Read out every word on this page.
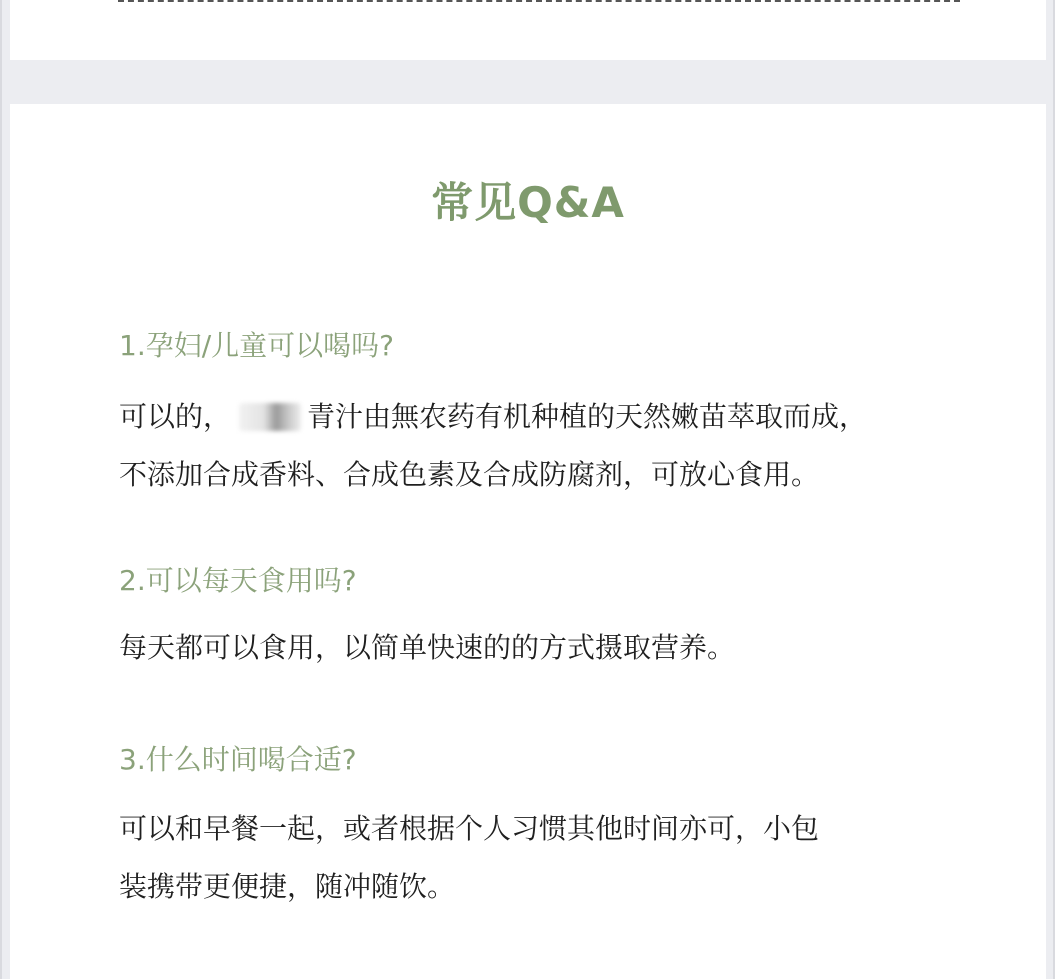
常见Q&A
1.孕妇/儿童可以喝吗?
可以的，	青汁由無农药有机种植的天然嫩苗萃取而成，
不添加合成香料、合成色素及合成防腐剂，可放心食用。
2.可以每天食用吗?
每天都可以食用，以简单快速的的方式摄取营养。
3.什么时间喝合适?
可以和早餐一起，或者根据个人习惯其他时间亦可，小包
装携带更便捷，随冲随饮。
